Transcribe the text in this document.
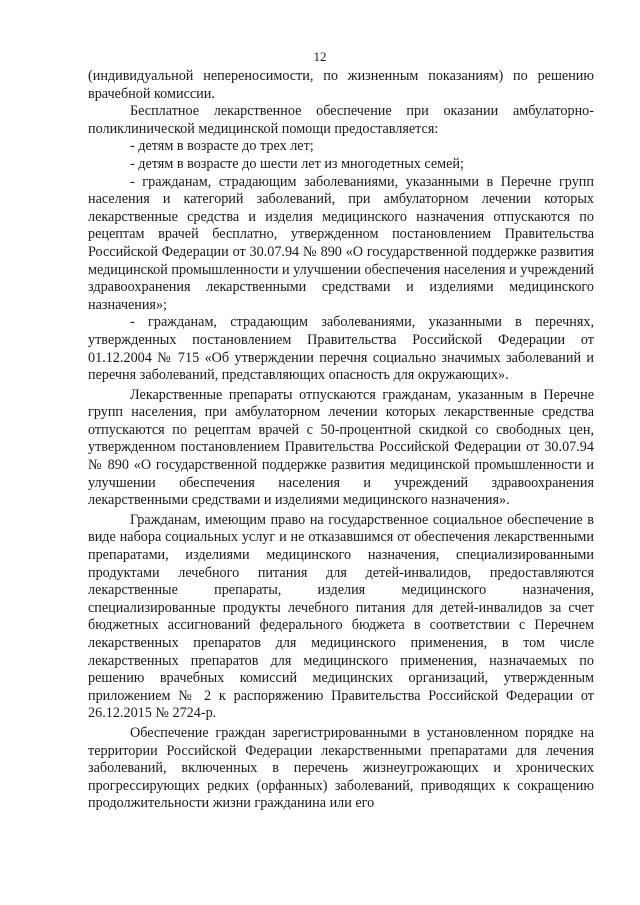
12

(индивидуальной непереносимости, по жизненным показаниям) по решению врачебной комиссии.

Бесплатное лекарственное обеспечение при оказании амбулаторно-поликлинической медицинской помощи предоставляется:

- детям в возрасте до трех лет;

- детям в возрасте до шести лет из многодетных семей;

- гражданам, страдающим заболеваниями, указанными в Перечне групп населения и категорий заболеваний, при амбулаторном лечении которых лекарственные средства и изделия медицинского назначения отпускаются по рецептам врачей бесплатно, утвержденном постановлением Правительства Российской Федерации от 30.07.94 № 890 «О государственной поддержке развития медицинской промышленности и улучшении обеспечения населения и учреждений здравоохранения лекарственными средствами и изделиями медицинского назначения»;

- гражданам, страдающим заболеваниями, указанными в перечнях, утвержденных постановлением Правительства Российской Федерации от 01.12.2004 № 715 «Об утверждении перечня социально значимых заболеваний и перечня заболеваний, представляющих опасность для окружающих».

Лекарственные препараты отпускаются гражданам, указанным в Перечне групп населения, при амбулаторном лечении которых лекарственные средства отпускаются по рецептам врачей с 50-процентной скидкой со свободных цен, утвержденном постановлением Правительства Российской Федерации от 30.07.94 № 890 «О государственной поддержке развития медицинской промышленности и улучшении обеспечения населения и учреждений здравоохранения лекарственными средствами и изделиями медицинского назначения».

Гражданам, имеющим право на государственное социальное обеспечение в виде набора социальных услуг и не отказавшимся от обеспечения лекарственными препаратами, изделиями медицинского назначения, специализированными продуктами лечебного питания для детей-инвалидов, предоставляются лекарственные препараты, изделия медицинского назначения, специализированные продукты лечебного питания для детей-инвалидов за счет бюджетных ассигнований федерального бюджета в соответствии с Перечнем лекарственных препаратов для медицинского применения, в том числе лекарственных препаратов для медицинского применения, назначаемых по решению врачебных комиссий медицинских организаций, утвержденным приложением № 2 к распоряжению Правительства Российской Федерации от 26.12.2015 № 2724-р.

Обеспечение граждан зарегистрированными в установленном порядке на территории Российской Федерации лекарственными препаратами для лечения заболеваний, включенных в перечень жизнеугрожающих и хронических прогрессирующих редких (орфанных) заболеваний, приводящих к сокращению продолжительности жизни гражданина или его
